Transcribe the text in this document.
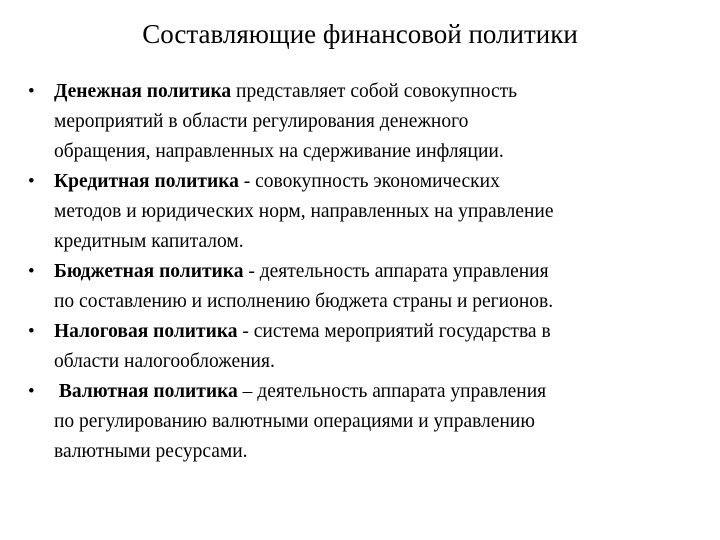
Составляющие финансовой политики
• Денежная политика представляет собой совокупность
мероприятий в области регулирования денежного
обращения, направленных на сдерживание инфляции.
• Кредитная политика - совокупность экономических
методов и юридических норм, направленных на управление
кредитным капиталом.
• Бюджетная политика - деятельность аппарата управления
по составлению и исполнению бюджета страны и регионов.
• Налоговая политика - система мероприятий государства в
области налогообложения.
•	Валютная политика – деятельность аппарата управления
по регулированию валютными операциями и управлению
валютными ресурсами.
